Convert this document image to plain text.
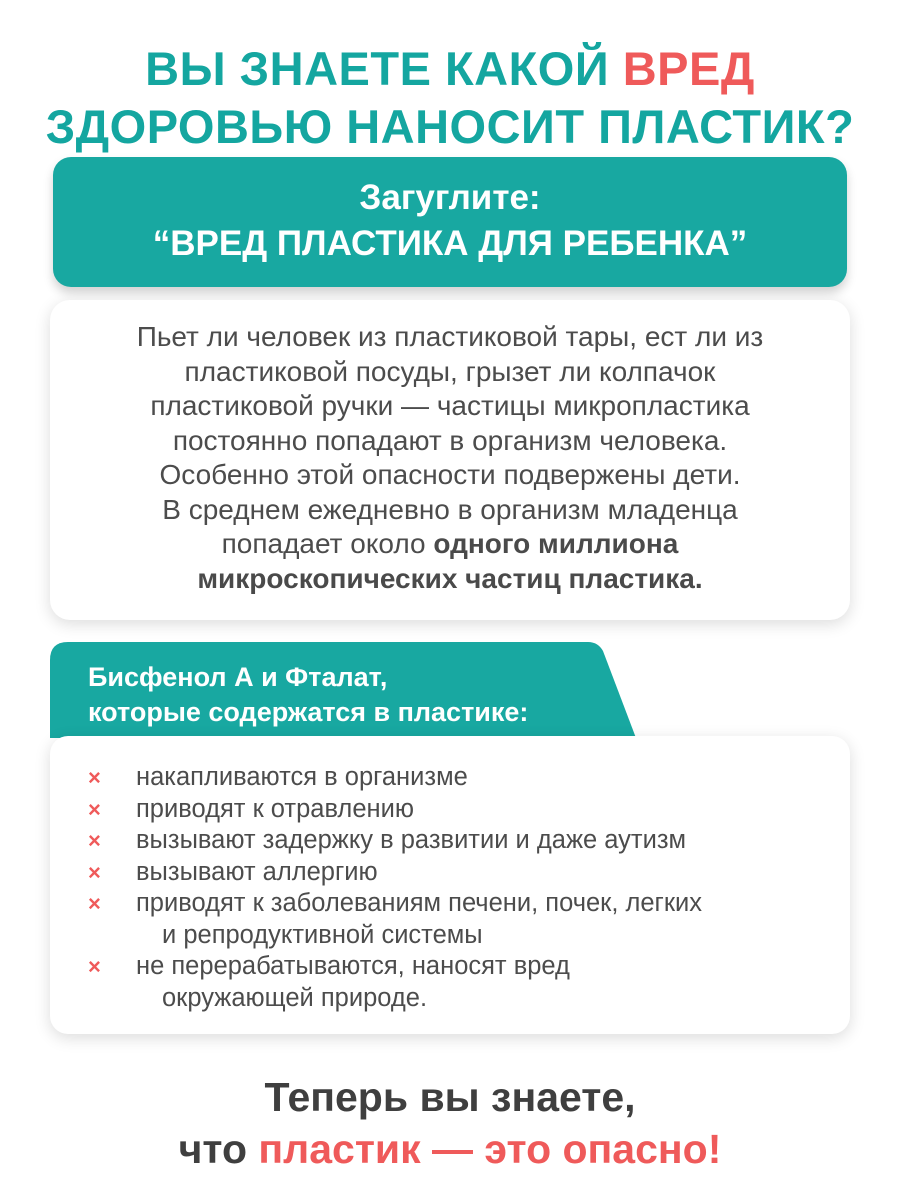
ВЫ ЗНАЕТЕ КАКОЙ ВРЕД
ЗДОРОВЬЮ НАНОСИТ ПЛАСТИК?
Загуглите:
“ВРЕД ПЛАСТИКА ДЛЯ РЕБЕНКА”
Пьет ли человек из пластиковой тары, ест ли из
пластиковой посуды, грызет ли колпачок
пластиковой ручки — частицы микропластика
постоянно попадают в организм человека.
Особенно этой опасности подвержены дети.
В среднем ежедневно в организм младенца
попадает около одного миллиона
микроскопических частиц пластика.
Бисфенол А и Фталат,
которые содержатся в пластике:
× накапливаются в организме
× приводят к отравлению
× вызывают задержку в развитии и даже аутизм
× вызывают аллергию
× приводят к заболеваниям печени, почек, легких
и репродуктивной системы
× не перерабатываются, наносят вред
окружающей природе.
Теперь вы знаете,
что пластик — это опасно!
